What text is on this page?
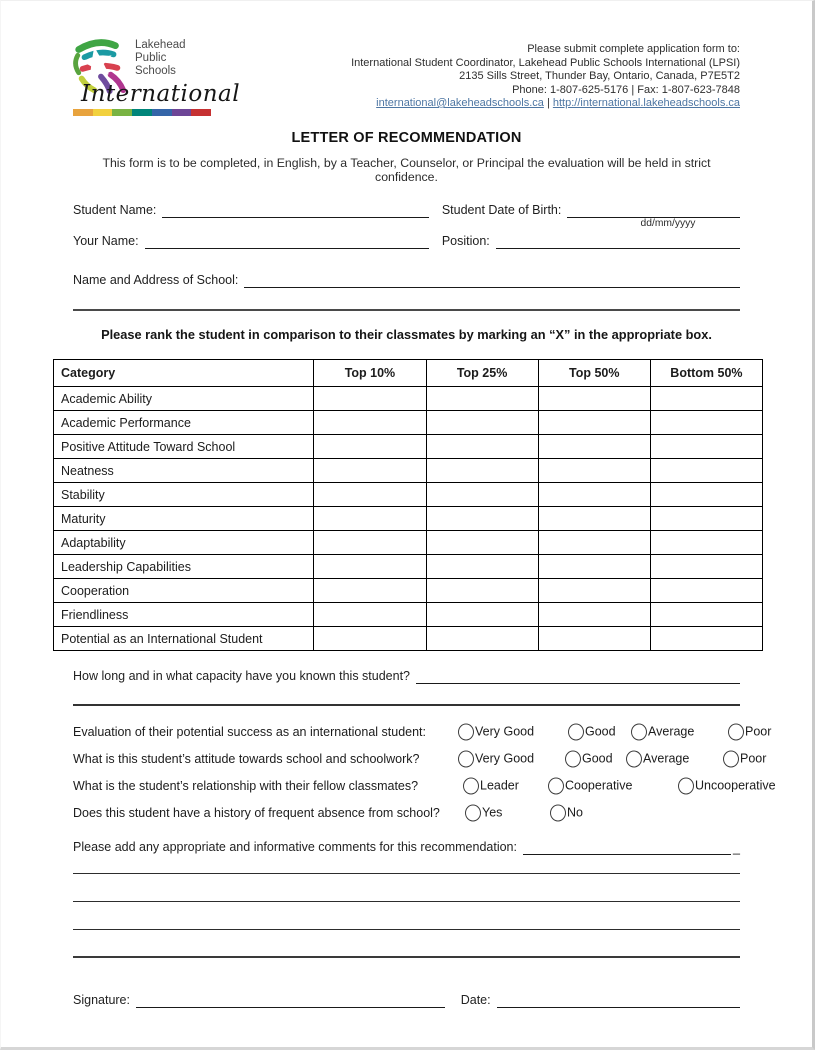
Lakehead
Public
Schools
International
Please submit complete application form to:
International Student Coordinator, Lakehead Public Schools International (LPSI)
2135 Sills Street, Thunder Bay, Ontario, Canada, P7E5T2
Phone: 1-807-625-5176 | Fax: 1-807-623-7848
international@lakeheadschools.ca | http://international.lakeheadschools.ca
LETTER OF RECOMMENDATION
This form is to be completed, in English, by a Teacher, Counselor, or Principal the evaluation will be held in strict confidence.
Student Name:	Student Date of Birth:
dd/mm/yyyy
Your Name:	Position:
Name and Address of School:
Please rank the student in comparison to their classmates by marking an “X” in the appropriate box.
Category	Top 10%	Top 25%	Top 50%	Bottom 50%
Academic Ability				
Academic Performance				
Positive Attitude Toward School				
Neatness				
Stability				
Maturity				
Adaptability				
Leadership Capabilities				
Cooperation				
Friendliness				
Potential as an International Student				
How long and in what capacity have you known this student?
Evaluation of their potential success as an international student:	Very Good	Good	Average	Poor
What is this student’s attitude towards school and schoolwork?	Very Good	Good Average	Poor
What is the student’s relationship with their fellow classmates?	Leader	Cooperative	Uncooperative
Does this student have a history of frequent absence from school?	Yes	No
Please add any appropriate and informative comments for this recommendation:	_
Signature:	Date:
